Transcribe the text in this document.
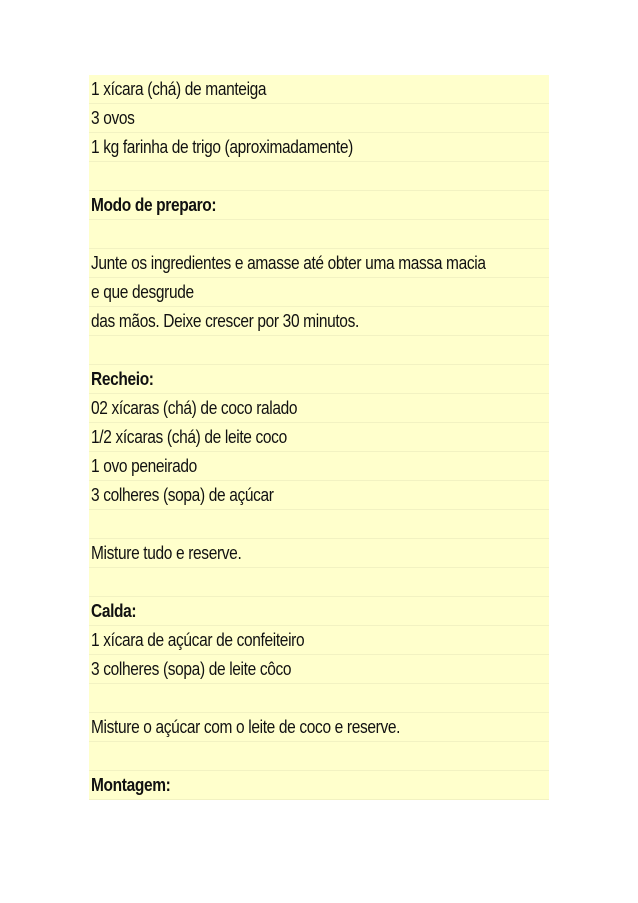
1 xícara (chá) de manteiga
3 ovos
1 kg farinha de trigo (aproximadamente)
Modo de preparo:
Junte os ingredientes e amasse até obter uma massa macia
e que desgrude
das mãos. Deixe crescer por 30 minutos.
Recheio:
02 xícaras (chá) de coco ralado
1/2 xícaras (chá) de leite coco
1 ovo peneirado
3 colheres (sopa) de açúcar
Misture tudo e reserve.
Calda:
1 xícara de açúcar de confeiteiro
3 colheres (sopa) de leite côco
Misture o açúcar com o leite de coco e reserve.
Montagem:
